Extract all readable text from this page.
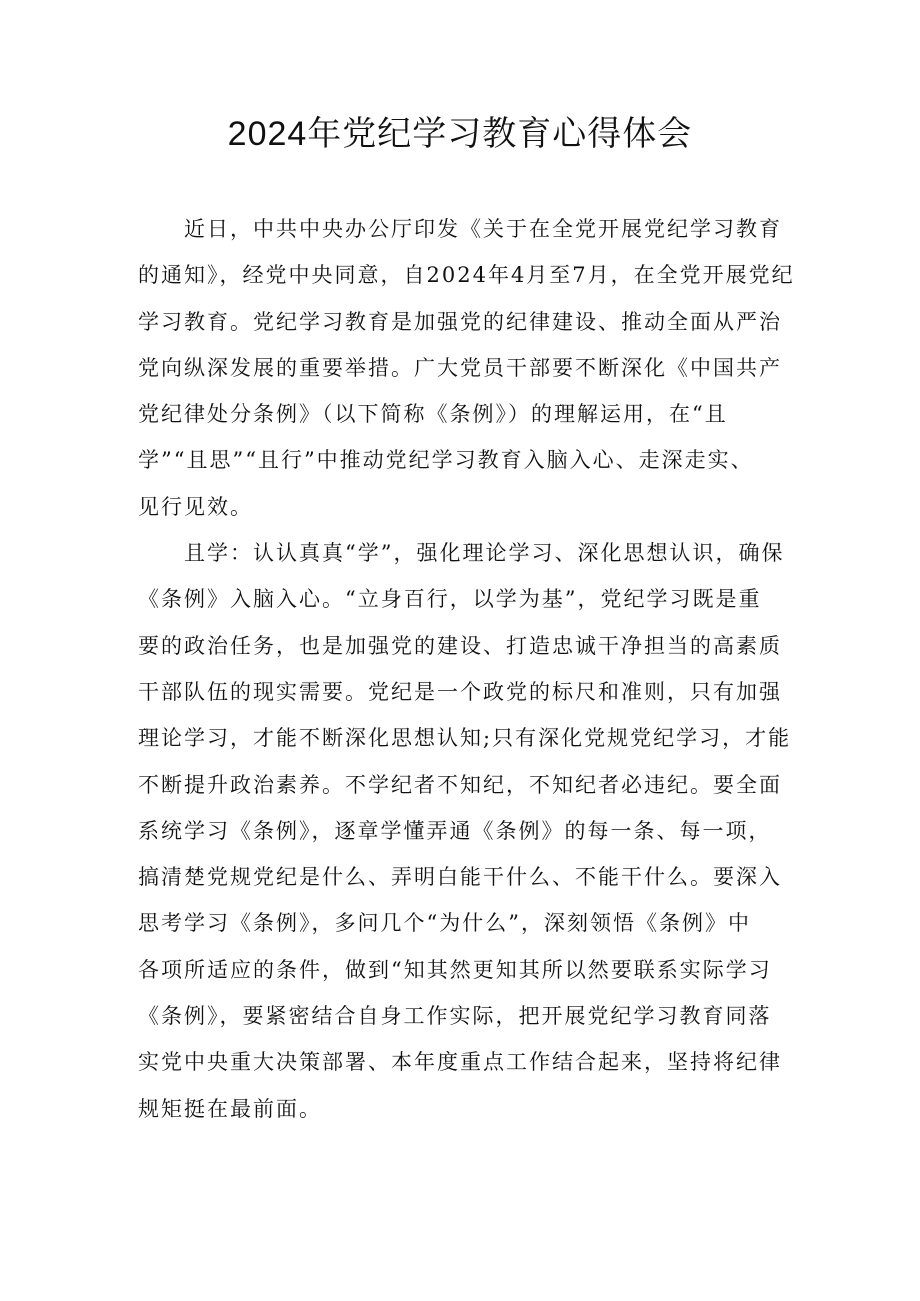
2024年党纪学习教育心得体会
　　近日，中共中央办公厅印发《关于在全党开展党纪学习教育
的通知》，经党中央同意，自2024年4月至7月，在全党开展党纪
学习教育。党纪学习教育是加强党的纪律建设、推动全面从严治
党向纵深发展的重要举措。广大党员干部要不断深化《中国共产
党纪律处分条例》（以下简称《条例》）的理解运用，在“且
学”“且思”“且行”中推动党纪学习教育入脑入心、走深走实、
见行见效。
　　且学：认认真真“学”，强化理论学习、深化思想认识，确保
《条例》入脑入心。“立身百行，以学为基”，党纪学习既是重
要的政治任务，也是加强党的建设、打造忠诚干净担当的高素质
干部队伍的现实需要。党纪是一个政党的标尺和准则，只有加强
理论学习，才能不断深化思想认知;只有深化党规党纪学习，才能
不断提升政治素养。不学纪者不知纪，不知纪者必违纪。要全面
系统学习《条例》，逐章学懂弄通《条例》的每一条、每一项，
搞清楚党规党纪是什么、弄明白能干什么、不能干什么。要深入
思考学习《条例》，多问几个“为什么”，深刻领悟《条例》中
各项所适应的条件，做到“知其然更知其所以然要联系实际学习
《条例》，要紧密结合自身工作实际，把开展党纪学习教育同落
实党中央重大决策部署、本年度重点工作结合起来，坚持将纪律
规矩挺在最前面。
